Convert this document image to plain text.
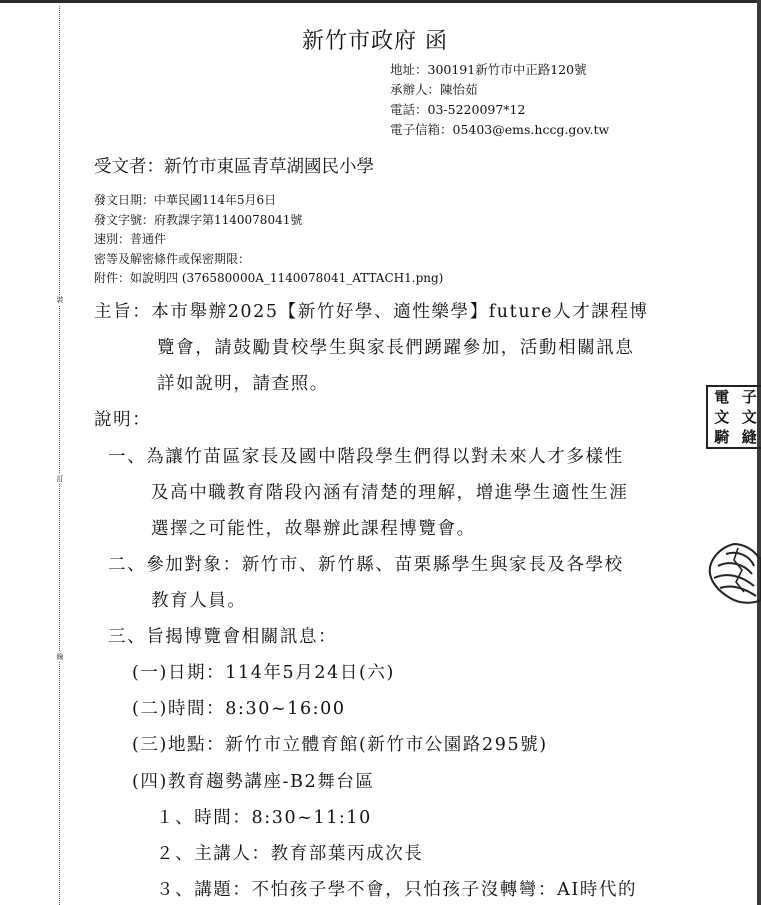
裝
訂
線
新竹市政府 函
地址：300191新竹市中正路120號
承辦人：陳怡茹
電話：03-5220097*12
電子信箱：05403@ems.hccg.gov.tw
受文者：新竹市東區青草湖國民小學
發文日期：中華民國114年5月6日
發文字號：府教課字第1140078041號
速別：普通件
密等及解密條件或保密期限：
附件：如說明四 (376580000A_1140078041_ATTACH1.png)
主旨：本市舉辦2025【新竹好學、適性樂學】future人才課程博
覽會，請鼓勵貴校學生與家長們踴躍參加，活動相關訊息
詳如說明，請查照。
說明：
一、為讓竹苗區家長及國中階段學生們得以對未來人才多樣性
及高中職教育階段內涵有清楚的理解，增進學生適性生涯
選擇之可能性，故舉辦此課程博覽會。
二、參加對象：新竹市、新竹縣、苗栗縣學生與家長及各學校
教育人員。
三、旨揭博覽會相關訊息：
(一)日期：114年5月24日(六)
(二)時間：8:30~16:00
(三)地點：新竹市立體育館(新竹市公園路295號)
(四)教育趨勢講座-B2舞台區
１、時間：8:30~11:10
２、主講人：教育部葉丙成次長
３、講題：不怕孩子學不會，只怕孩子沒轉彎：AI時代的
電 子
文 文
騎 縫
